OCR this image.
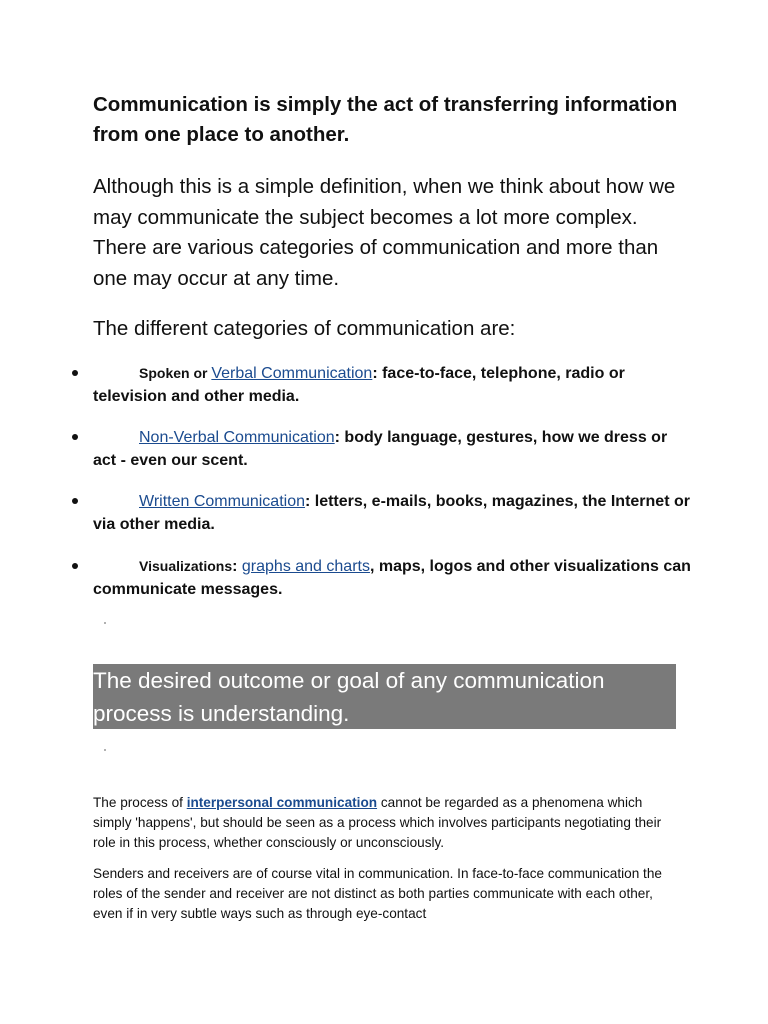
Communication is simply the act of transferring information from one place to another.

Although this is a simple definition, when we think about how we may communicate the subject becomes a lot more complex. There are various categories of communication and more than one may occur at any time.

The different categories of communication are:

Spoken or Verbal Communication: face-to-face, telephone, radio or television and other media.
Non-Verbal Communication: body language, gestures, how we dress or act - even our scent.
Written Communication: letters, e-mails, books, magazines, the Internet or via other media.
Visualizations: graphs and charts, maps, logos and other visualizations can communicate messages.

The desired outcome or goal of any communication process is understanding.

The process of interpersonal communication cannot be regarded as a phenomena which simply 'happens', but should be seen as a process which involves participants negotiating their role in this process, whether consciously or unconsciously.

Senders and receivers are of course vital in communication. In face-to-face communication the roles of the sender and receiver are not distinct as both parties communicate with each other, even if in very subtle ways such as through eye-contact
